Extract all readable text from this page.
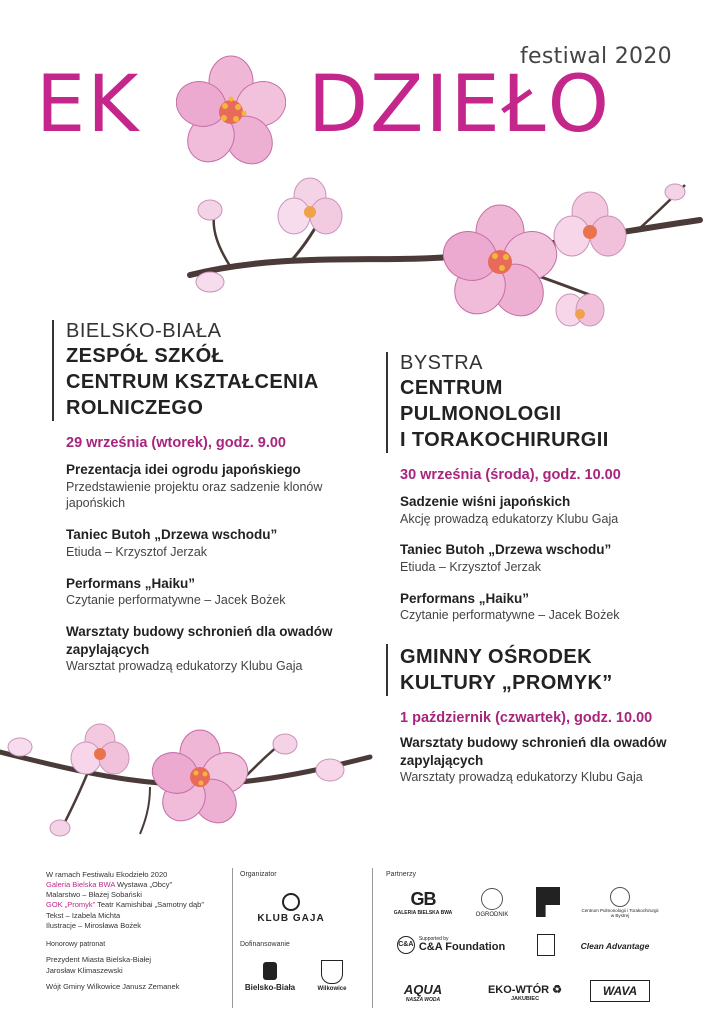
festiwal 2020
EK DZIEŁO
BIELSKO-BIAŁA
ZESPÓŁ SZKÓŁ
CENTRUM KSZTAŁCENIA
ROLNICZEGO
29 września (wtorek), godz. 9.00
Prezentacja idei ogrodu japońskiego
Przedstawienie projektu oraz sadzenie klonów japońskich
Taniec Butoh „Drzewa wschodu”
Etiuda – Krzysztof Jerzak
Performans „Haiku”
Czytanie performatywne – Jacek Bożek
Warsztaty budowy schronień dla owadów zapylających
Warsztat prowadzą edukatorzy Klubu Gaja
BYSTRA
CENTRUM
PULMONOLOGII
I TORAKOCHIRURGII
30 września (środa), godz. 10.00
Sadzenie wiśni japońskich
Akcję prowadzą edukatorzy Klubu Gaja
Taniec Butoh „Drzewa wschodu”
Etiuda – Krzysztof Jerzak
Performans „Haiku”
Czytanie performatywne – Jacek Bożek
GMINNY OŚRODEK
KULTURY „PROMYK”
1 październik (czwartek), godz. 10.00
Warsztaty budowy schronień dla owadów zapylających
Warsztaty prowadzą edukatorzy Klubu Gaja
W ramach Festiwalu Ekodzieło 2020
Galeria Bielska BWA Wystawa „Obcy”
Malarstwo – Błażej Sobański
GOK „Promyk” Teatr Kamishibai „Samotny dąb”
Tekst – Izabela Michta
Ilustracje – Mirosława Bożek
Honorowy patronat
Prezydent Miasta Bielska-Białej
Jarosław Klimaszewski
Wójt Gminy Wilkowice Janusz Zemanek
Organizator
KLUB GAJA
Dofinansowanie
Bielsko-Biała	Wilkowice
Partnerzy
GB
GALERIA BIELSKA BWA	OGRODNIK
Centrum Pulmonologii i Torakochirurgii w Bystrej
C&A
Supported by
C&A Foundation	Clean Advantage
AQUA
NASZA WODA
EKO-WTÓR ♻
JAKUBIEC
WAVA
